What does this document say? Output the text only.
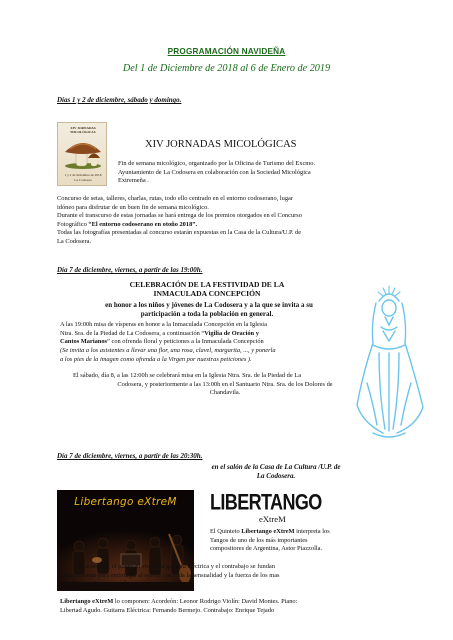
PROGRAMACIÓN NAVIDEÑA
Del 1 de Diciembre de 2018 al 6 de Enero de 2019
Días 1 y 2 de diciembre, sábado y domingo.
XIV JORNADAS
MICOLÓGICAS
1 y 2 de diciembre de 2018
La Codosera
XIV JORNADAS MICOLÓGICAS
Fin de semana micológico, organizado por la Oficina de Turismo del Excmo.
Ayuntamiento de La Codosera en colaboración con la Sociedad Micológica
Extremeña .
Concurso de setas, talleres, charlas, rutas, todo ello centrado en el entorno codoserano, lugar
idóneo para disfrutar de un buen fin de semana micológico.
Durante el transcurso de estas jornadas se hará entrega de los premios otorgados en el Concurso
Fotográfico “El entorno codoserano en otoño 2018”.
Todas las fotografías presentadas al concurso estarán expuestas en la Casa de la Cultura/U.P. de
La Codosera.
Día 7 de diciembre, viernes, a partir de las 19:00h.
CELEBRACIÓN DE LA FESTIVIDAD DE LA
INMACULADA CONCEPCIÓN
en honor a los niños y jóvenes de La Codosera y a la que se invita a su
participación a toda la población en general.
A las 19:00h misa de vísperas en honor a la Inmaculada Concepción en la Iglesia
Ntra. Sra. de la Piedad de La Codosera, a continuación “Vigilia de Oración y
Cantos Marianos” con ofrenda floral y peticiones a la Inmaculada Concepción
(Se invita a los asistentes a llevar una flor, una rosa, clavel, margarita, ..., y ponerla
a los pies de la imagen como ofrenda a la Virgen por nuestras peticiones ).
El sábado, día 8, a las 12:00h se celebrará misa en la Iglesia Ntra. Sra. de la Piedad de La
Codosera, y posteriormente a las 13:00h en el Santuario Ntra. Sra. de los Dolores de
Chandavila.
Día 7 de diciembre, viernes, a partir de las 20:30h.
en el salón de la Casa de La Cultura /U.P. de
La Codosera.
Libertango eXtreM	LIBERTANGO
eXtreM
El Quinteto Libertango eXtreM interpreta los
Tangos de uno de los más importantes
compositores de Argentina, Astor Piazzolla.
El acordeón, el piano, el violín, la guitarra eléctrica y el contrabajo se fundan
magistralmente para embriagar al oyente con toda la sensualidad y la fuerza de los mas
bellos Tangos Instrumentales.
Libertango eXtreM lo componen: Acordeón: Leonor Rodrigo Violín: David Montes. Piano:
Libertad Agudo. Guitarra Eléctrica: Fernando Bermejo. Contrabajo: Enrique Tejado
